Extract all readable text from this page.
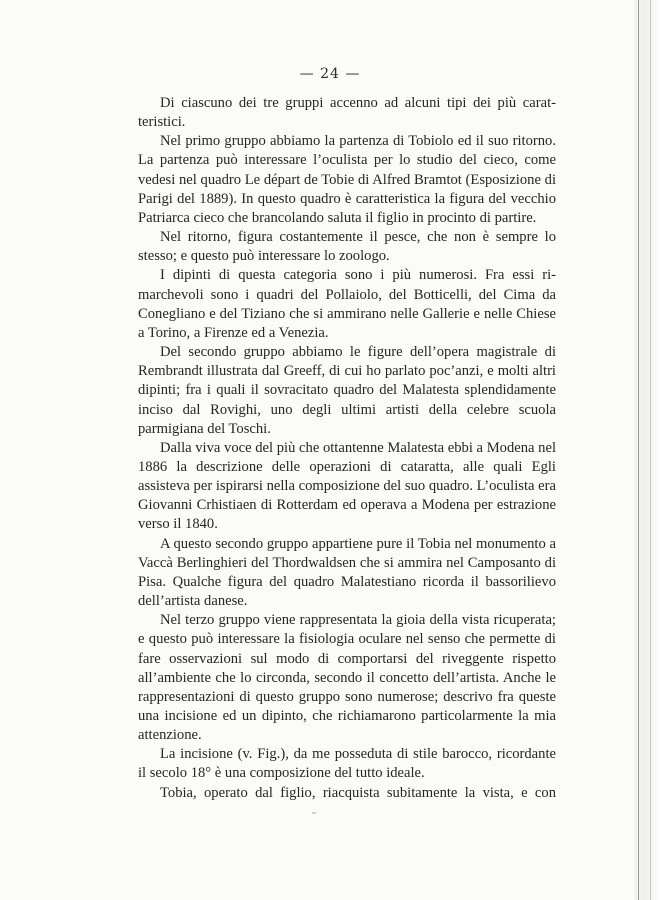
— 24 —

Di ciascuno dei tre gruppi accenno ad alcuni tipi dei più caratteristici.

Nel primo gruppo abbiamo la partenza di Tobiolo ed il suo ritorno. La partenza può interessare l’oculista per lo studio del cieco, come vedesi nel quadro Le départ de Tobie di Alfred Bramtot (Esposizione di Parigi del 1889). In questo quadro è caratteristica la figura del vecchio Patriarca cieco che brancolando saluta il figlio in procinto di partire.

Nel ritorno, figura costantemente il pesce, che non è sempre lo stesso; e questo può interessare lo zoologo.

I dipinti di questa categoria sono i più numerosi. Fra essi rimarchevoli sono i quadri del Pollaiolo, del Botticelli, del Cima da Conegliano e del Tiziano che si ammirano nelle Gallerie e nelle Chiese a Torino, a Firenze ed a Venezia.

Del secondo gruppo abbiamo le figure dell’opera magistrale di Rembrandt illustrata dal Greeff, di cui ho parlato poc’anzi, e molti altri dipinti; fra i quali il sovracitato quadro del Malatesta splendidamente inciso dal Rovighi, uno degli ultimi artisti della celebre scuola parmigiana del Toschi.

Dalla viva voce del più che ottantenne Malatesta ebbi a Modena nel 1886 la descrizione delle operazioni di cataratta, alle quali Egli assisteva per ispirarsi nella composizione del suo quadro. L’oculista era Giovanni Crhistiaen di Rotterdam ed operava a Modena per estrazione verso il 1840.

A questo secondo gruppo appartiene pure il Tobia nel monumento a Vaccà Berlinghieri del Thordwaldsen che si ammira nel Camposanto di Pisa. Qualche figura del quadro Malatestiano ricorda il bassorilievo dell’artista danese.

Nel terzo gruppo viene rappresentata la gioia della vista ricuperata; e questo può interessare la fisiologia oculare nel senso che permette di fare osservazioni sul modo di comportarsi del riveggente rispetto all’ambiente che lo circonda, secondo il concetto dell’artista. Anche le rappresentazioni di questo gruppo sono numerose; descrivo fra queste una incisione ed un dipinto, che richiamarono particolarmente la mia attenzione.

La incisione (v. Fig.), da me posseduta di stile barocco, ricordante il secolo 18° è una composizione del tutto ideale.

Tobia, operato dal figlio, riacquista subitamente la vista, e con
